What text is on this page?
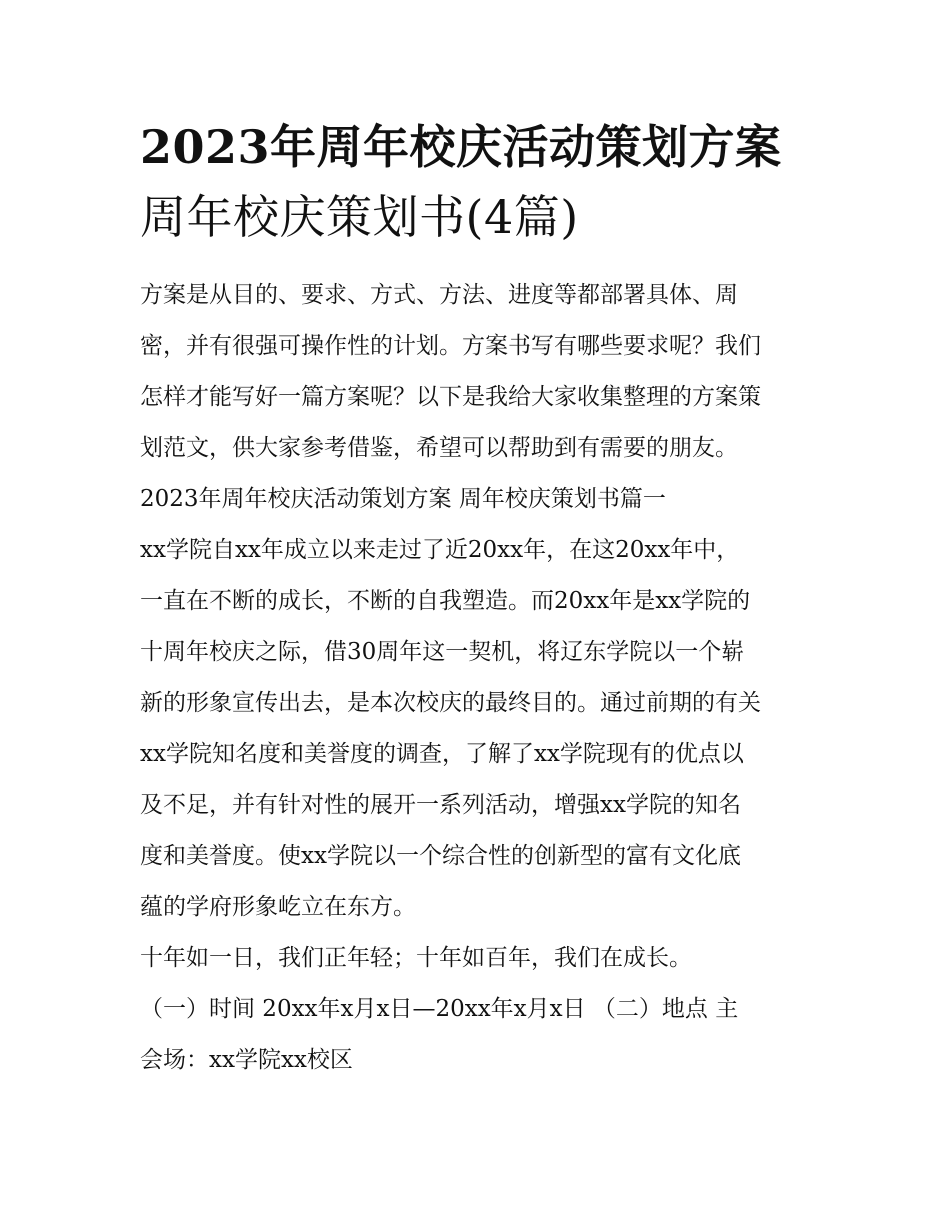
2023年周年校庆活动策划方案
周年校庆策划书(4篇)

方案是从目的、要求、方式、方法、进度等都部署具体、周
密，并有很强可操作性的计划。方案书写有哪些要求呢？我们
怎样才能写好一篇方案呢？以下是我给大家收集整理的方案策
划范文，供大家参考借鉴，希望可以帮助到有需要的朋友。

2023年周年校庆活动策划方案 周年校庆策划书篇一

xx学院自xx年成立以来走过了近20xx年，在这20xx年中，
一直在不断的成长，不断的自我塑造。而20xx年是xx学院的
十周年校庆之际，借30周年这一契机，将辽东学院以一个崭
新的形象宣传出去，是本次校庆的最终目的。通过前期的有关
xx学院知名度和美誉度的调查，了解了xx学院现有的优点以
及不足，并有针对性的展开一系列活动，增强xx学院的知名
度和美誉度。使xx学院以一个综合性的创新型的富有文化底
蕴的学府形象屹立在东方。

十年如一日，我们正年轻；十年如百年，我们在成长。

（一）时间 20xx年x月x日—20xx年x月x日 （二）地点 主
会场：xx学院xx校区
